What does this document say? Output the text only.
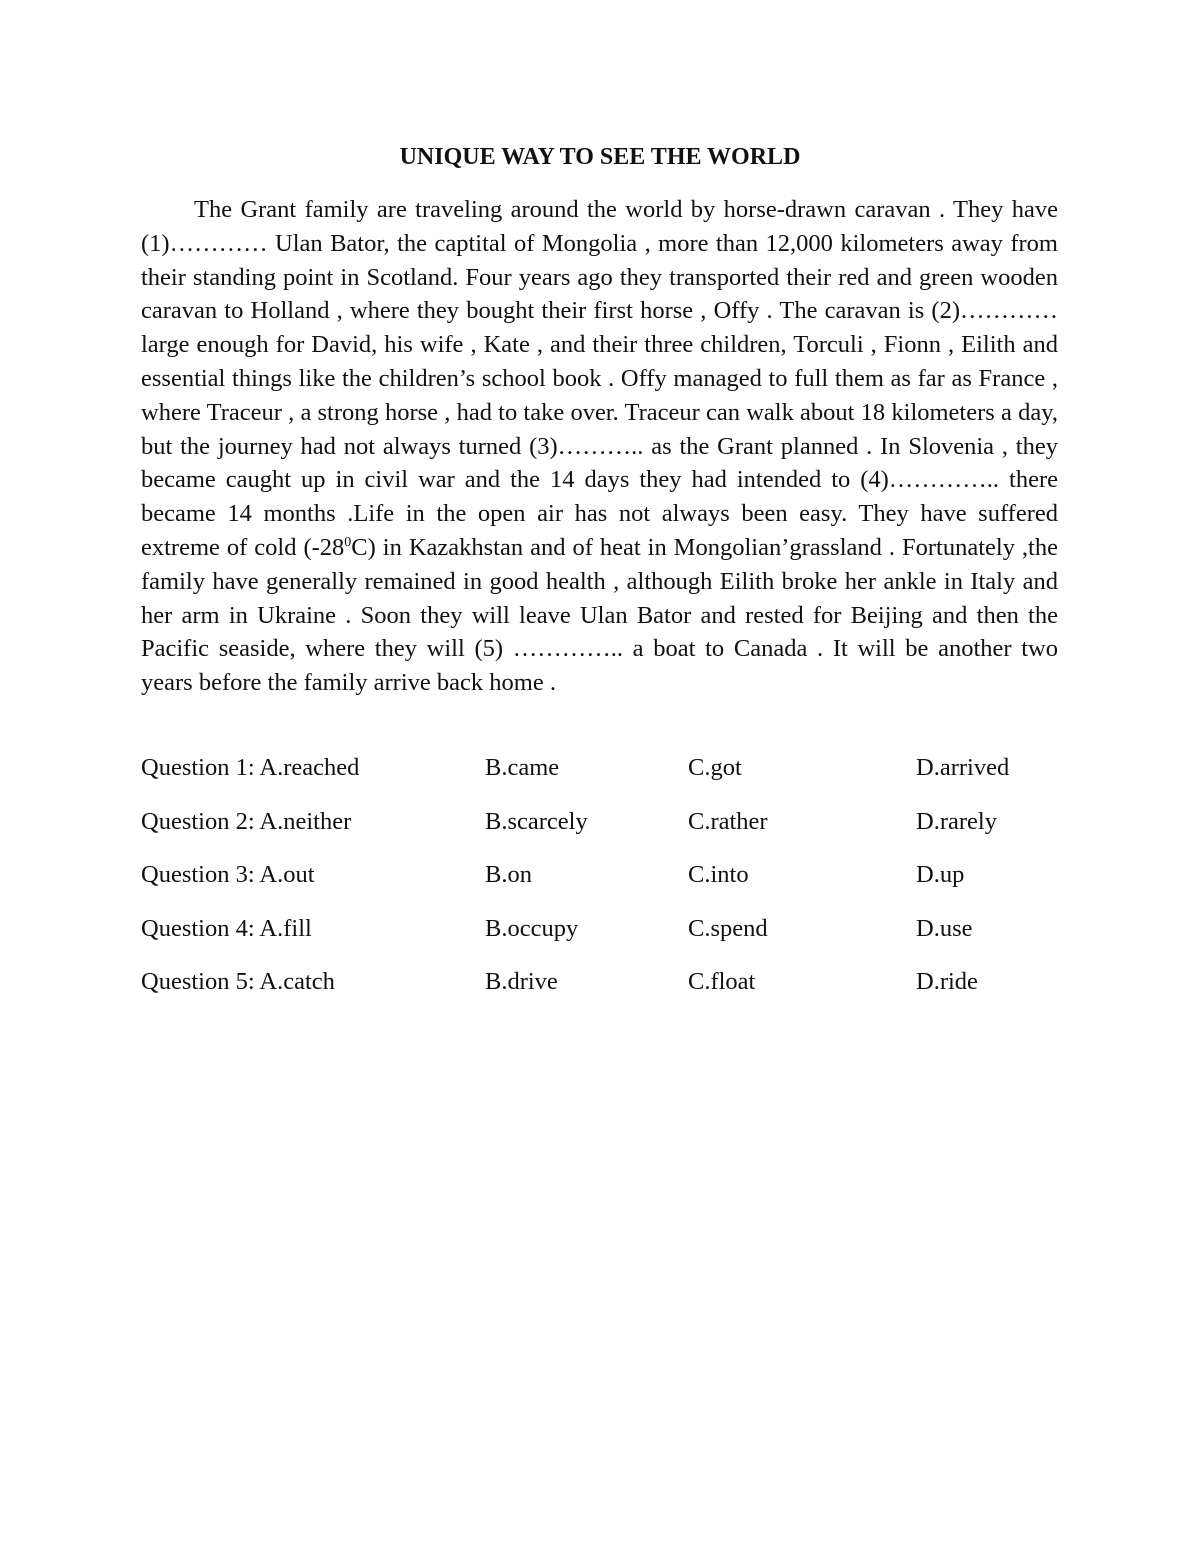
UNIQUE WAY TO SEE THE WORLD

The Grant family are traveling around the world by horse-drawn caravan . They have (1)………… Ulan Bator, the captital of Mongolia , more than 12,000 kilometers away from their standing point in Scotland. Four years ago they transported their red and green wooden caravan to Holland , where they bought their first horse , Offy . The caravan is (2)………… large enough for David, his wife , Kate , and their three children, Torculi , Fionn , Eilith and essential things like the children’s school book . Offy managed to full them as far as France , where Traceur , a strong horse , had to take over. Traceur can walk about 18 kilometers a day, but the journey had not always turned (3)……….. as the Grant planned . In Slovenia , they became caught up in civil war and the 14 days they had intended to (4)………….. there became 14 months .Life in the open air has not always been easy. They have suffered extreme of cold $(-28^0C)$ in Kazakhstan and of heat in Mongolian’grassland . Fortunately ,the family have generally remained in good health , although Eilith broke her ankle in Italy and her arm in Ukraine . Soon they will leave Ulan Bator and rested for Beijing and then the Pacific seaside, where they will (5) ………….. a boat to Canada . It will be another two years before the family arrive back home .

Question 1: A.reached	B.came	C.got	D.arrived
Question 2: A.neither	B.scarcely	C.rather	D.rarely
Question 3: A.out	B.on	C.into	D.up
Question 4: A.fill	B.occupy	C.spend	D.use
Question 5: A.catch	B.drive	C.float	D.ride
